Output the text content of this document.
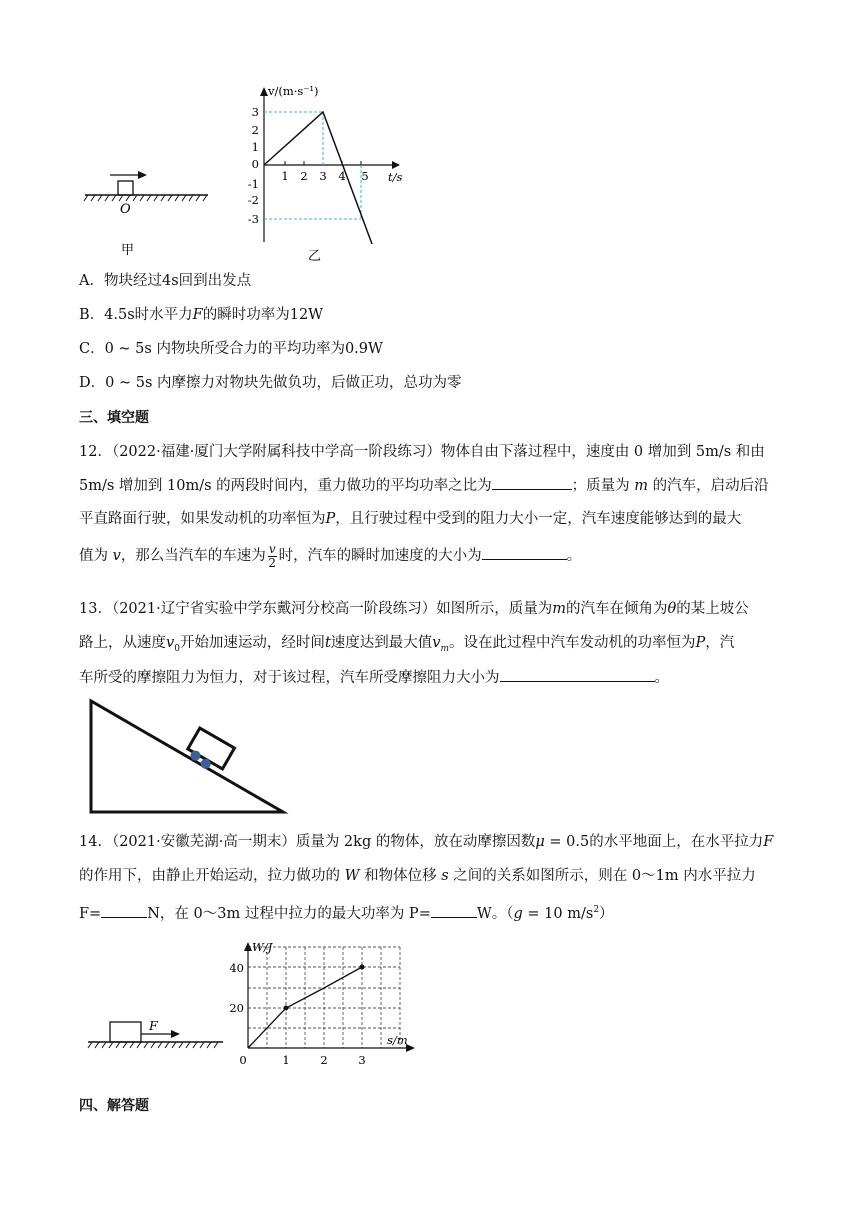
O
甲
v/(m·s⁻¹)
t/s
3
2
1
0
-1
-2
-3
1 2 3 4 5
乙
A．物块经过4s回到出发点
B．4.5s时水平力F的瞬时功率为12W
C．0 ~ 5s 内物块所受合力的平均功率为0.9W
D．0 ~ 5s 内摩擦力对物块先做负功，后做正功，总功为零
三、填空题
12．（2022·福建·厦门大学附属科技中学高一阶段练习）物体自由下落过程中，速度由 0 增加到 5m/s 和由
5m/s 增加到 10m/s 的两段时间内，重力做功的平均功率之比为	；质量为 m 的汽车，启动后沿
平直路面行驶，如果发动机的功率恒为P，且行驶过程中受到的阻力大小一定，汽车速度能够达到的最大
值为 v，那么当汽车的车速为 $\frac{v}{2}$ 时，汽车的瞬时加速度的大小为	。
13．（2021·辽宁省实验中学东戴河分校高一阶段练习）如图所示，质量为m的汽车在倾角为θ的某上坡公
路上，从速度$v_0$开始加速运动，经时间t速度达到最大值$v_m$。设在此过程中汽车发动机的功率恒为P，汽
车所受的摩擦阻力为恒力，对于该过程，汽车所受摩擦阻力大小为	。
14．（2021·安徽芜湖·高一期末）质量为 2kg 的物体，放在动摩擦因数μ = 0.5的水平地面上，在水平拉力F
的作用下，由静止开始运动，拉力做功的 W 和物体位移 s 之间的关系如图所示，则在 0～1m 内水平拉力
F=	N，在 0～3m 过程中拉力的最大功率为 P=	W。（g = 10 $m/s^2$）
F
W/J
s/m
40
20
0	1	2	3
四、解答题
